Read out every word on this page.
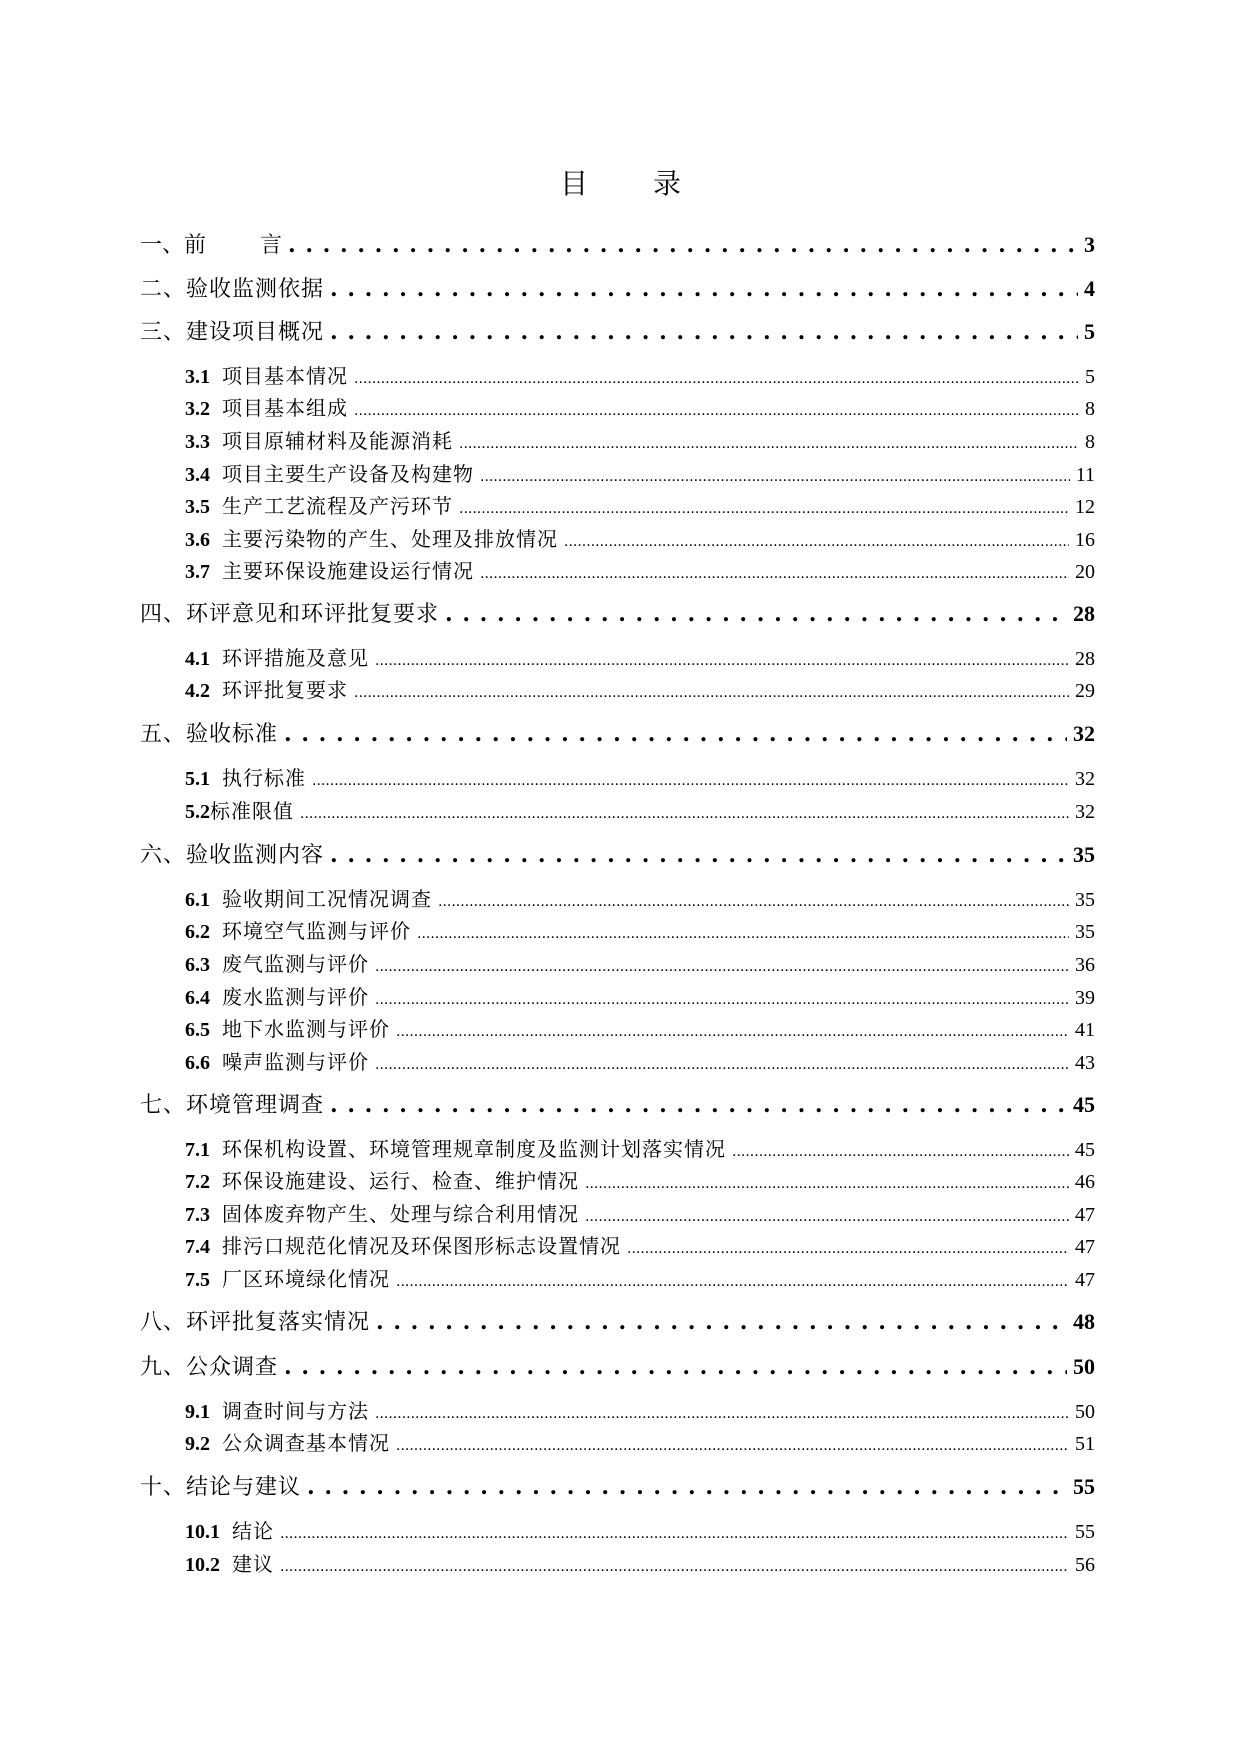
目 录
一、前 言 . . .	3
二、验收监测依据 . . .	4
三、建设项目概况 . . .	5
3.1 项目基本情况 .....	5
3.2 项目基本组成 .....	8
3.3 项目原辅材料及能源消耗 .....	8
3.4 项目主要生产设备及构建物 .....	11
3.5 生产工艺流程及产污环节 .....	12
3.6 主要污染物的产生、处理及排放情况 .....	16
3.7 主要环保设施建设运行情况 .....	20
四、环评意见和环评批复要求 . . .	28
4.1 环评措施及意见 .....	28
4.2 环评批复要求 .....	29
五、验收标准 . . .	32
5.1 执行标准 .....	32
5.2 标准限值 .....	32
六、验收监测内容 . . .	35
6.1 验收期间工况情况调查 .....	35
6.2 环境空气监测与评价 .....	35
6.3 废气监测与评价 .....	36
6.4 废水监测与评价 .....	39
6.5 地下水监测与评价 .....	41
6.6 噪声监测与评价 .....	43
七、环境管理调查 . . .	45
7.1 环保机构设置、环境管理规章制度及监测计划落实情况 .....	45
7.2 环保设施建设、运行、检查、维护情况 .....	46
7.3 固体废弃物产生、处理与综合利用情况 .....	47
7.4 排污口规范化情况及环保图形标志设置情况 .....	47
7.5 厂区环境绿化情况 .....	47
八、环评批复落实情况 . . .	48
九、公众调查 . . .	50
9.1 调查时间与方法 .....	50
9.2 公众调查基本情况 .....	51
十、结论与建议 . . .	55
10.1 结论 .....	55
10.2 建议 .....	56
